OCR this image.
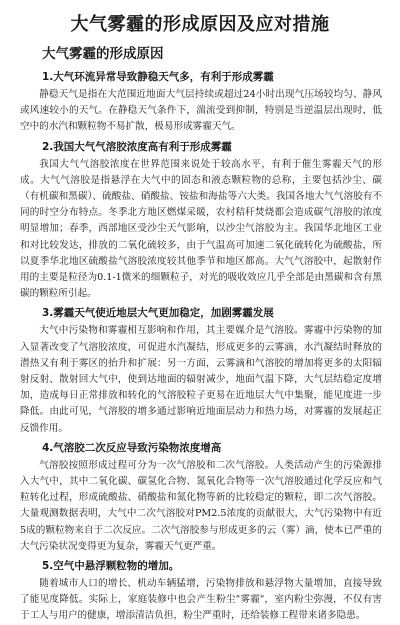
大气雾霾的形成原因及应对措施
大气雾霾的形成原因
1.大气环流异常导致静稳天气多，有利于形成雾霾

静稳天气是指在大范围近地面大气层持续或超过24小时出现气压场较均匀、静风或风速较小的天气。在静稳天气条件下，湍流受到抑制，特别是当逆温层出现时，低空中的水汽和颗粒物不易扩散，极易形成雾霾天气。

2.我国大气气溶胶浓度高有利于形成雾霾

我国大气气溶胶浓度在世界范围来说处于较高水平，有利于催生雾霾天气的形成。大气气溶胶是指悬浮在大气中的固态和液态颗粒物的总称，主要包括沙尘、碳（有机碳和黑碳）、硫酸盐、硝酸盐、铵盐和海盐等六大类。我国各地大气气溶胶有不同的时空分布特点。冬季北方地区燃煤采暖，农村秸秆焚烧都会造成碳气溶胶的浓度明显增加；春季，西部地区受沙尘天气影响，以沙尘气溶胶为主。我国华北地区工业和对比较发达，排放的二氧化硫较多，由于气温高可加速二氧化硫转化为硫酸盐，所以夏季华北地区硫酸盐气溶胶浓度较其他季节和地区都高。大气气溶胶中，起散射作用的主要是粒径为0.1-1微米的细颗粒子，对光的吸收效应几乎全部是由黑碳和含有黑碳的颗粒所引起。

3.雾霾天气使近地层大气更加稳定，加剧雾霾发展

大气中污染物和雾霾相互影响和作用，其主要媒介是气溶胶。雾霾中污染物的加入显著改变了气溶胶浓度，可促进水汽凝结，形成更多的云雾滴，水汽凝结时释放的潜热又有利于雾区的抬升和扩展：另一方面，云雾滴和气溶胶的增加将更多的太阳辐射反射、散射回大气中，使到达地面的辐射减少，地面气温下降，大气层结稳定度增加，造成每日正常排放和转化的气溶胶粒子更易在近地层大气中集聚，能见度进一步降低。由此可见，气溶胶的增多通过影响近地面层动力和热力场，对雾霾的发展起正反馈作用。

4.气溶胶二次反应导致污染物浓度增高

气溶胶按照形成过程可分为一次气溶胶和二次气溶胶。人类活动产生的污染源排入大气中，其中二氧化碳、碳氢化合物、氮氧化合物等一次气溶胶通过化学反应和气粒转化过程，形成硫酸盐、硝酸盐和氮化物等新的比较稳定的颗粒，即二次气溶胶。大量观测数据表明，大气中二次气溶胶对PM2.5浓度的贡献很大，大气污染物中有近5成的颗粒物来自于二次反应。二次气溶胶参与形成更多的云（雾）滴，使本已严重的大气污染状况变得更为复杂，雾霾天气更严重。

5.空气中悬浮颗粒物的增加。

随着城市人口的增长、机动车辆猛增，污染物排放和悬浮物大量增加，直接导致了能见度降低。实际上，家庭装修中也会产生粉尘"雾霾"，室内粉尘弥漫，不仅有害于工人与用户的健康，增添清洁负担，粉尘严重时，还给装修工程带来诸多隐患。
